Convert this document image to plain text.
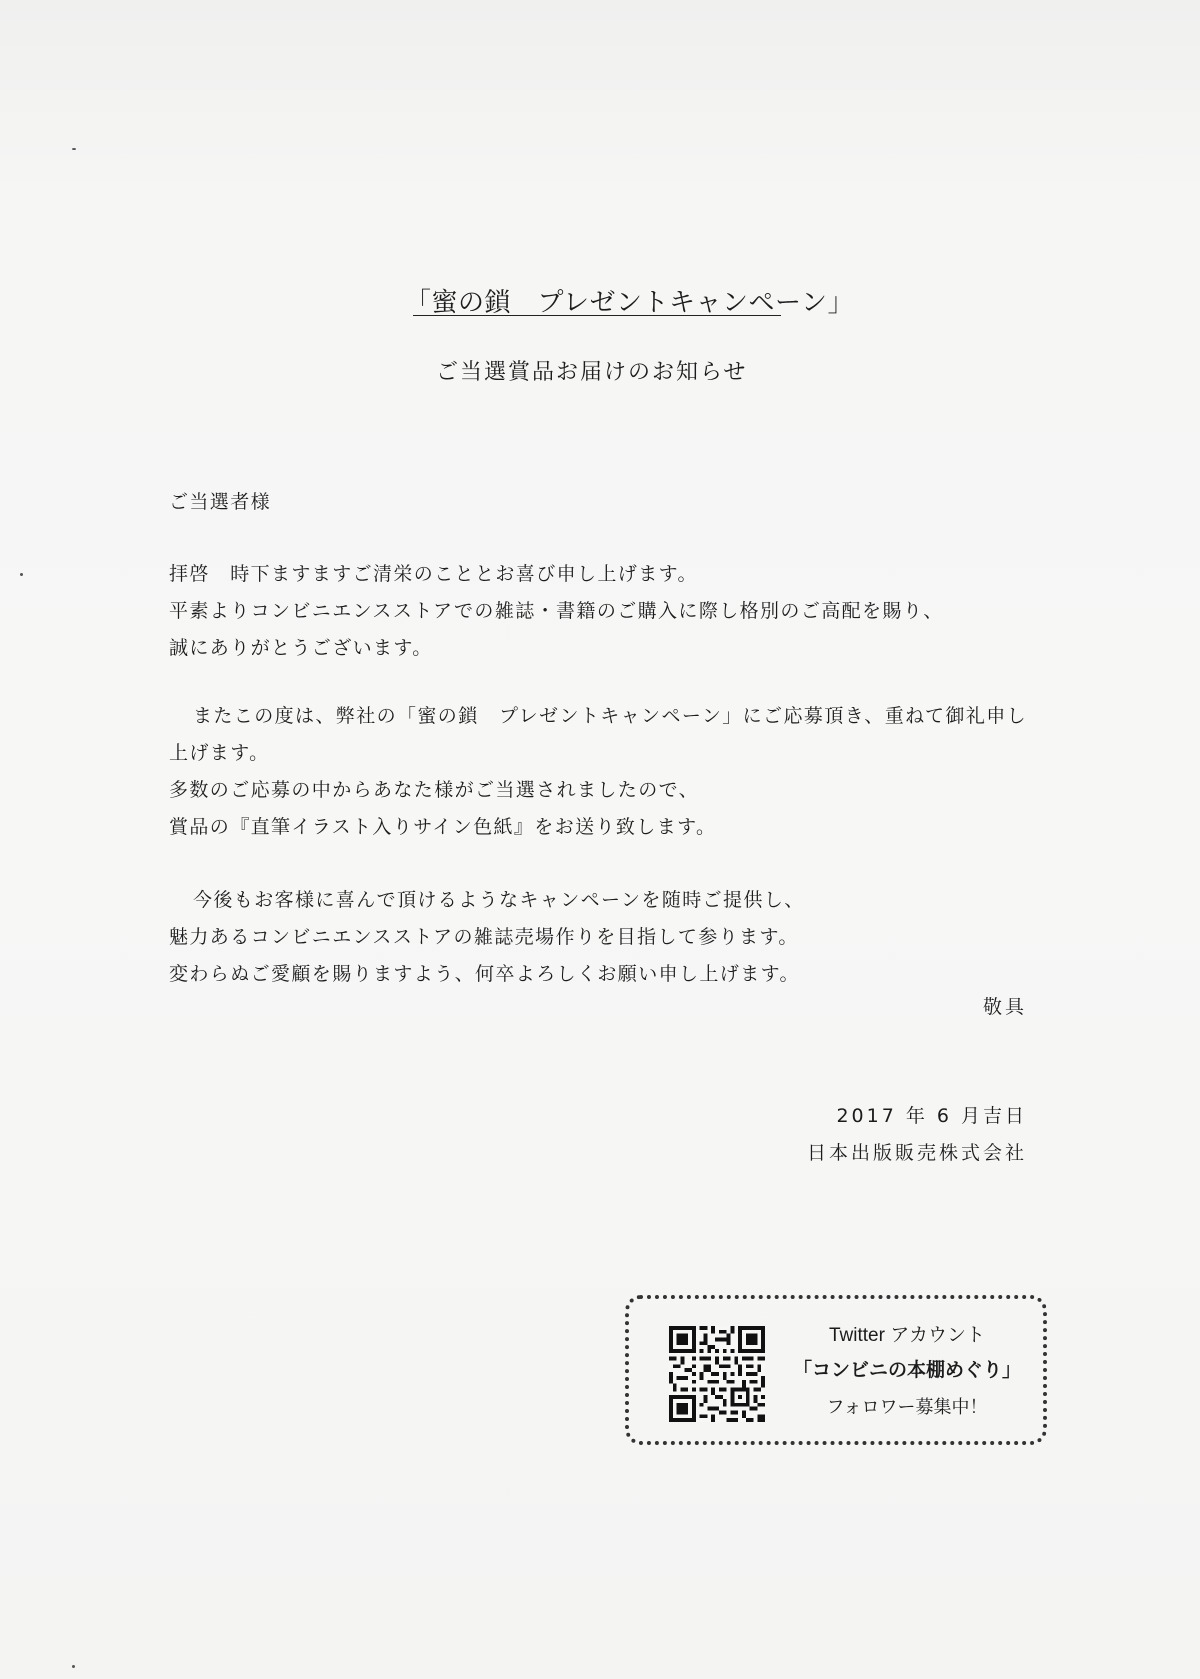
「蜜の鎖　プレゼントキャンペーン」
ご当選賞品お届けのお知らせ
ご当選者様
拝啓　時下ますますご清栄のこととお喜び申し上げます。
平素よりコンビニエンスストアでの雑誌・書籍のご購入に際し格別のご高配を賜り、
誠にありがとうございます。
またこの度は、弊社の「蜜の鎖　プレゼントキャンペーン」にご応募頂き、重ねて御礼申し
上げます。
多数のご応募の中からあなた様がご当選されましたので、
賞品の『直筆イラスト入りサイン色紙』をお送り致します。
今後もお客様に喜んで頂けるようなキャンペーンを随時ご提供し、
魅力あるコンビニエンスストアの雑誌売場作りを目指して参ります。
変わらぬご愛顧を賜りますよう、何卒よろしくお願い申し上げます。
敬具
2017 年 6 月吉日
日本出版販売株式会社
Twitter アカウント
「コンビニの本棚めぐり」
フォロワー募集中！
